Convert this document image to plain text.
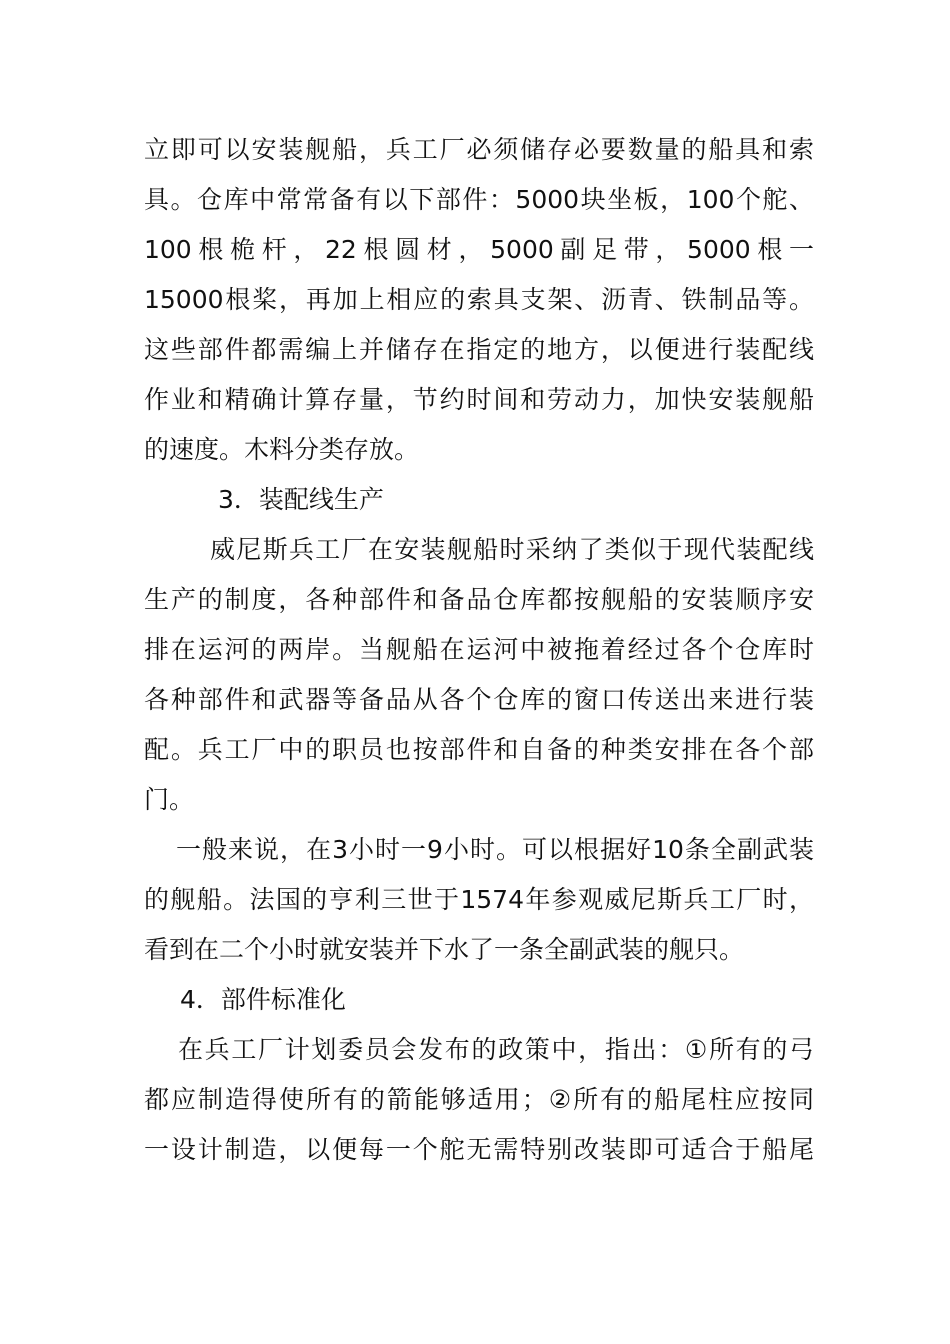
立即可以安装舰船，兵工厂必须储存必要数量的船具和索
具。仓库中常常备有以下部件：5000块坐板，100个舵、
100根桅杆，22根圆材，5000副足带，5000根一
15000根桨，再加上相应的索具支架、沥青、铁制品等。
这些部件都需编上并储存在指定的地方，以便进行装配线
作业和精确计算存量，节约时间和劳动力，加快安装舰船
的速度。木料分类存放。
3．装配线生产
威尼斯兵工厂在安装舰船时采纳了类似于现代装配线
生产的制度，各种部件和备品仓库都按舰船的安装顺序安
排在运河的两岸。当舰船在运河中被拖着经过各个仓库时
各种部件和武器等备品从各个仓库的窗口传送出来进行装
配。兵工厂中的职员也按部件和自备的种类安排在各个部
门。
一般来说，在3小时一9小时。可以根据好10条全副武装
的舰船。法国的亨利三世于1574年参观威尼斯兵工厂时，
看到在二个小时就安装并下水了一条全副武装的舰只。
4．部件标准化
在兵工厂计划委员会发布的政策中，指出：①所有的弓
都应制造得使所有的箭能够适用；②所有的船尾柱应按同
一设计制造，以便每一个舵无需特别改装即可适合于船尾
